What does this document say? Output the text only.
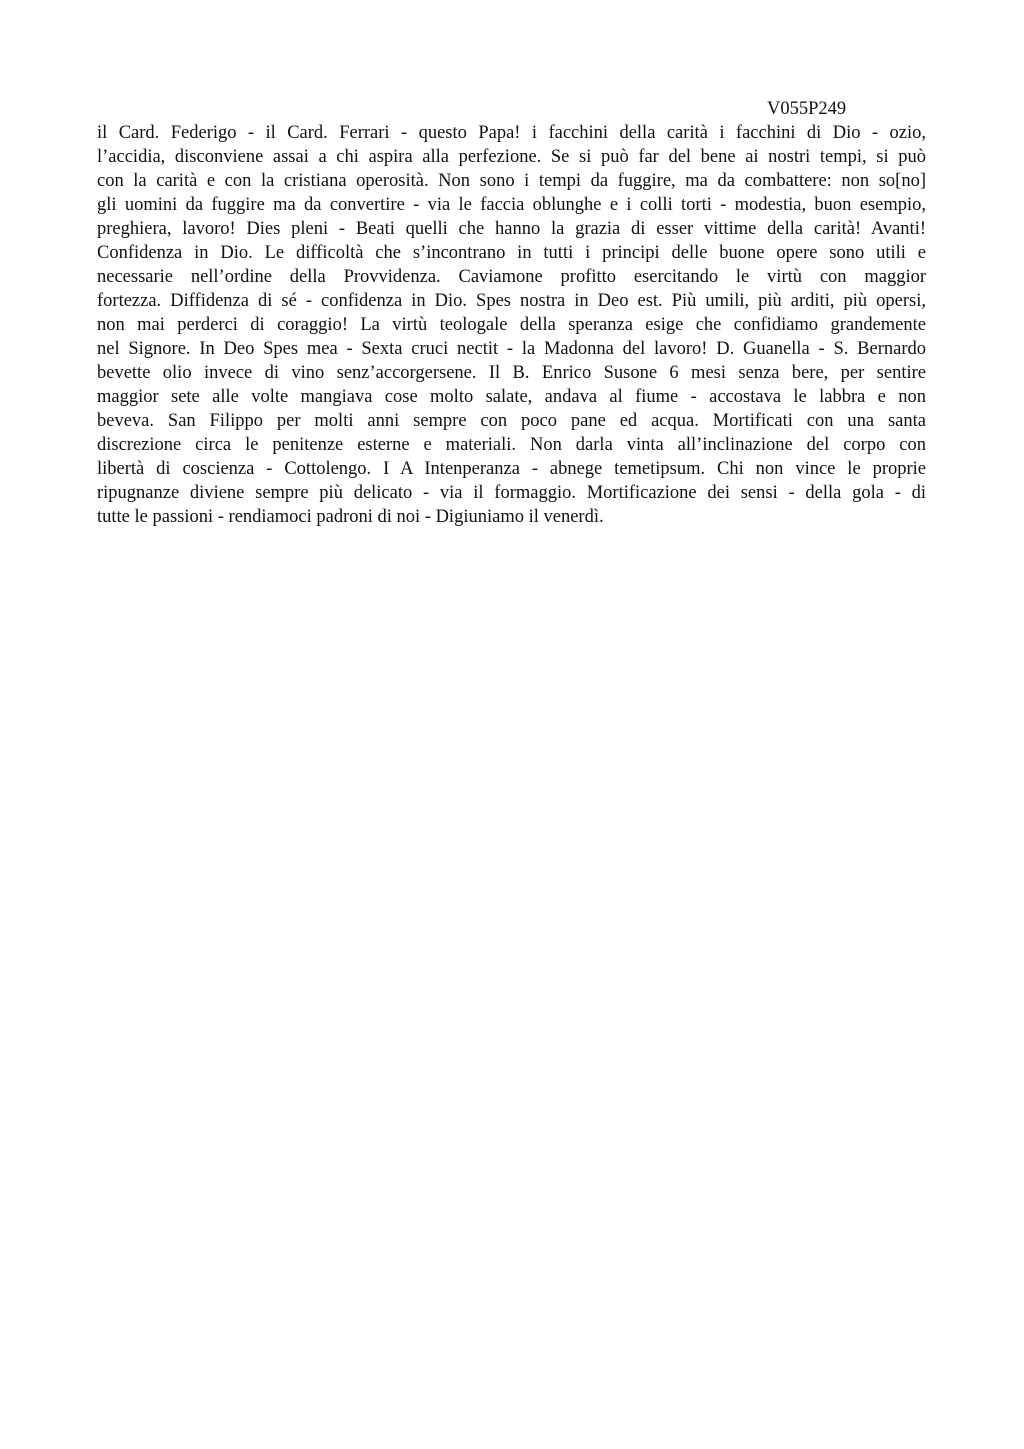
V055P249
il Card. Federigo - il Card. Ferrari - questo Papa! i facchini della carità i facchini di Dio - ozio,
l’accidia, disconviene assai a chi aspira alla perfezione. Se si può far del bene ai nostri tempi, si può
con la carità e con la cristiana operosità. Non sono i tempi da fuggire, ma da combattere: non so[no]
gli uomini da fuggire ma da convertire - via le faccia oblunghe e i colli torti - modestia, buon esempio,
preghiera, lavoro! Dies pleni - Beati quelli che hanno la grazia di esser vittime della carità! Avanti!
Confidenza in Dio. Le difficoltà che s’incontrano in tutti i principi delle buone opere sono utili e
necessarie nell’ordine della Provvidenza. Caviamone profitto esercitando le virtù con maggior
fortezza. Diffidenza di sé - confidenza in Dio. Spes nostra in Deo est. Più umili, più arditi, più opersi,
non mai perderci di coraggio! La virtù teologale della speranza esige che confidiamo grandemente
nel Signore. In Deo Spes mea - Sexta cruci nectit - la Madonna del lavoro! D. Guanella - S. Bernardo
bevette olio invece di vino senz’accorgersene. Il B. Enrico Susone 6 mesi senza bere, per sentire
maggior sete alle volte mangiava cose molto salate, andava al fiume - accostava le labbra e non
beveva. San Filippo per molti anni sempre con poco pane ed acqua. Mortificati con una santa
discrezione circa le penitenze esterne e materiali. Non darla vinta all’inclinazione del corpo con
libertà di coscienza - Cottolengo. I A Intenperanza - abnege temetipsum. Chi non vince le proprie
ripugnanze diviene sempre più delicato - via il formaggio. Mortificazione dei sensi - della gola - di
tutte le passioni - rendiamoci padroni di noi - Digiuniamo il venerdì.
